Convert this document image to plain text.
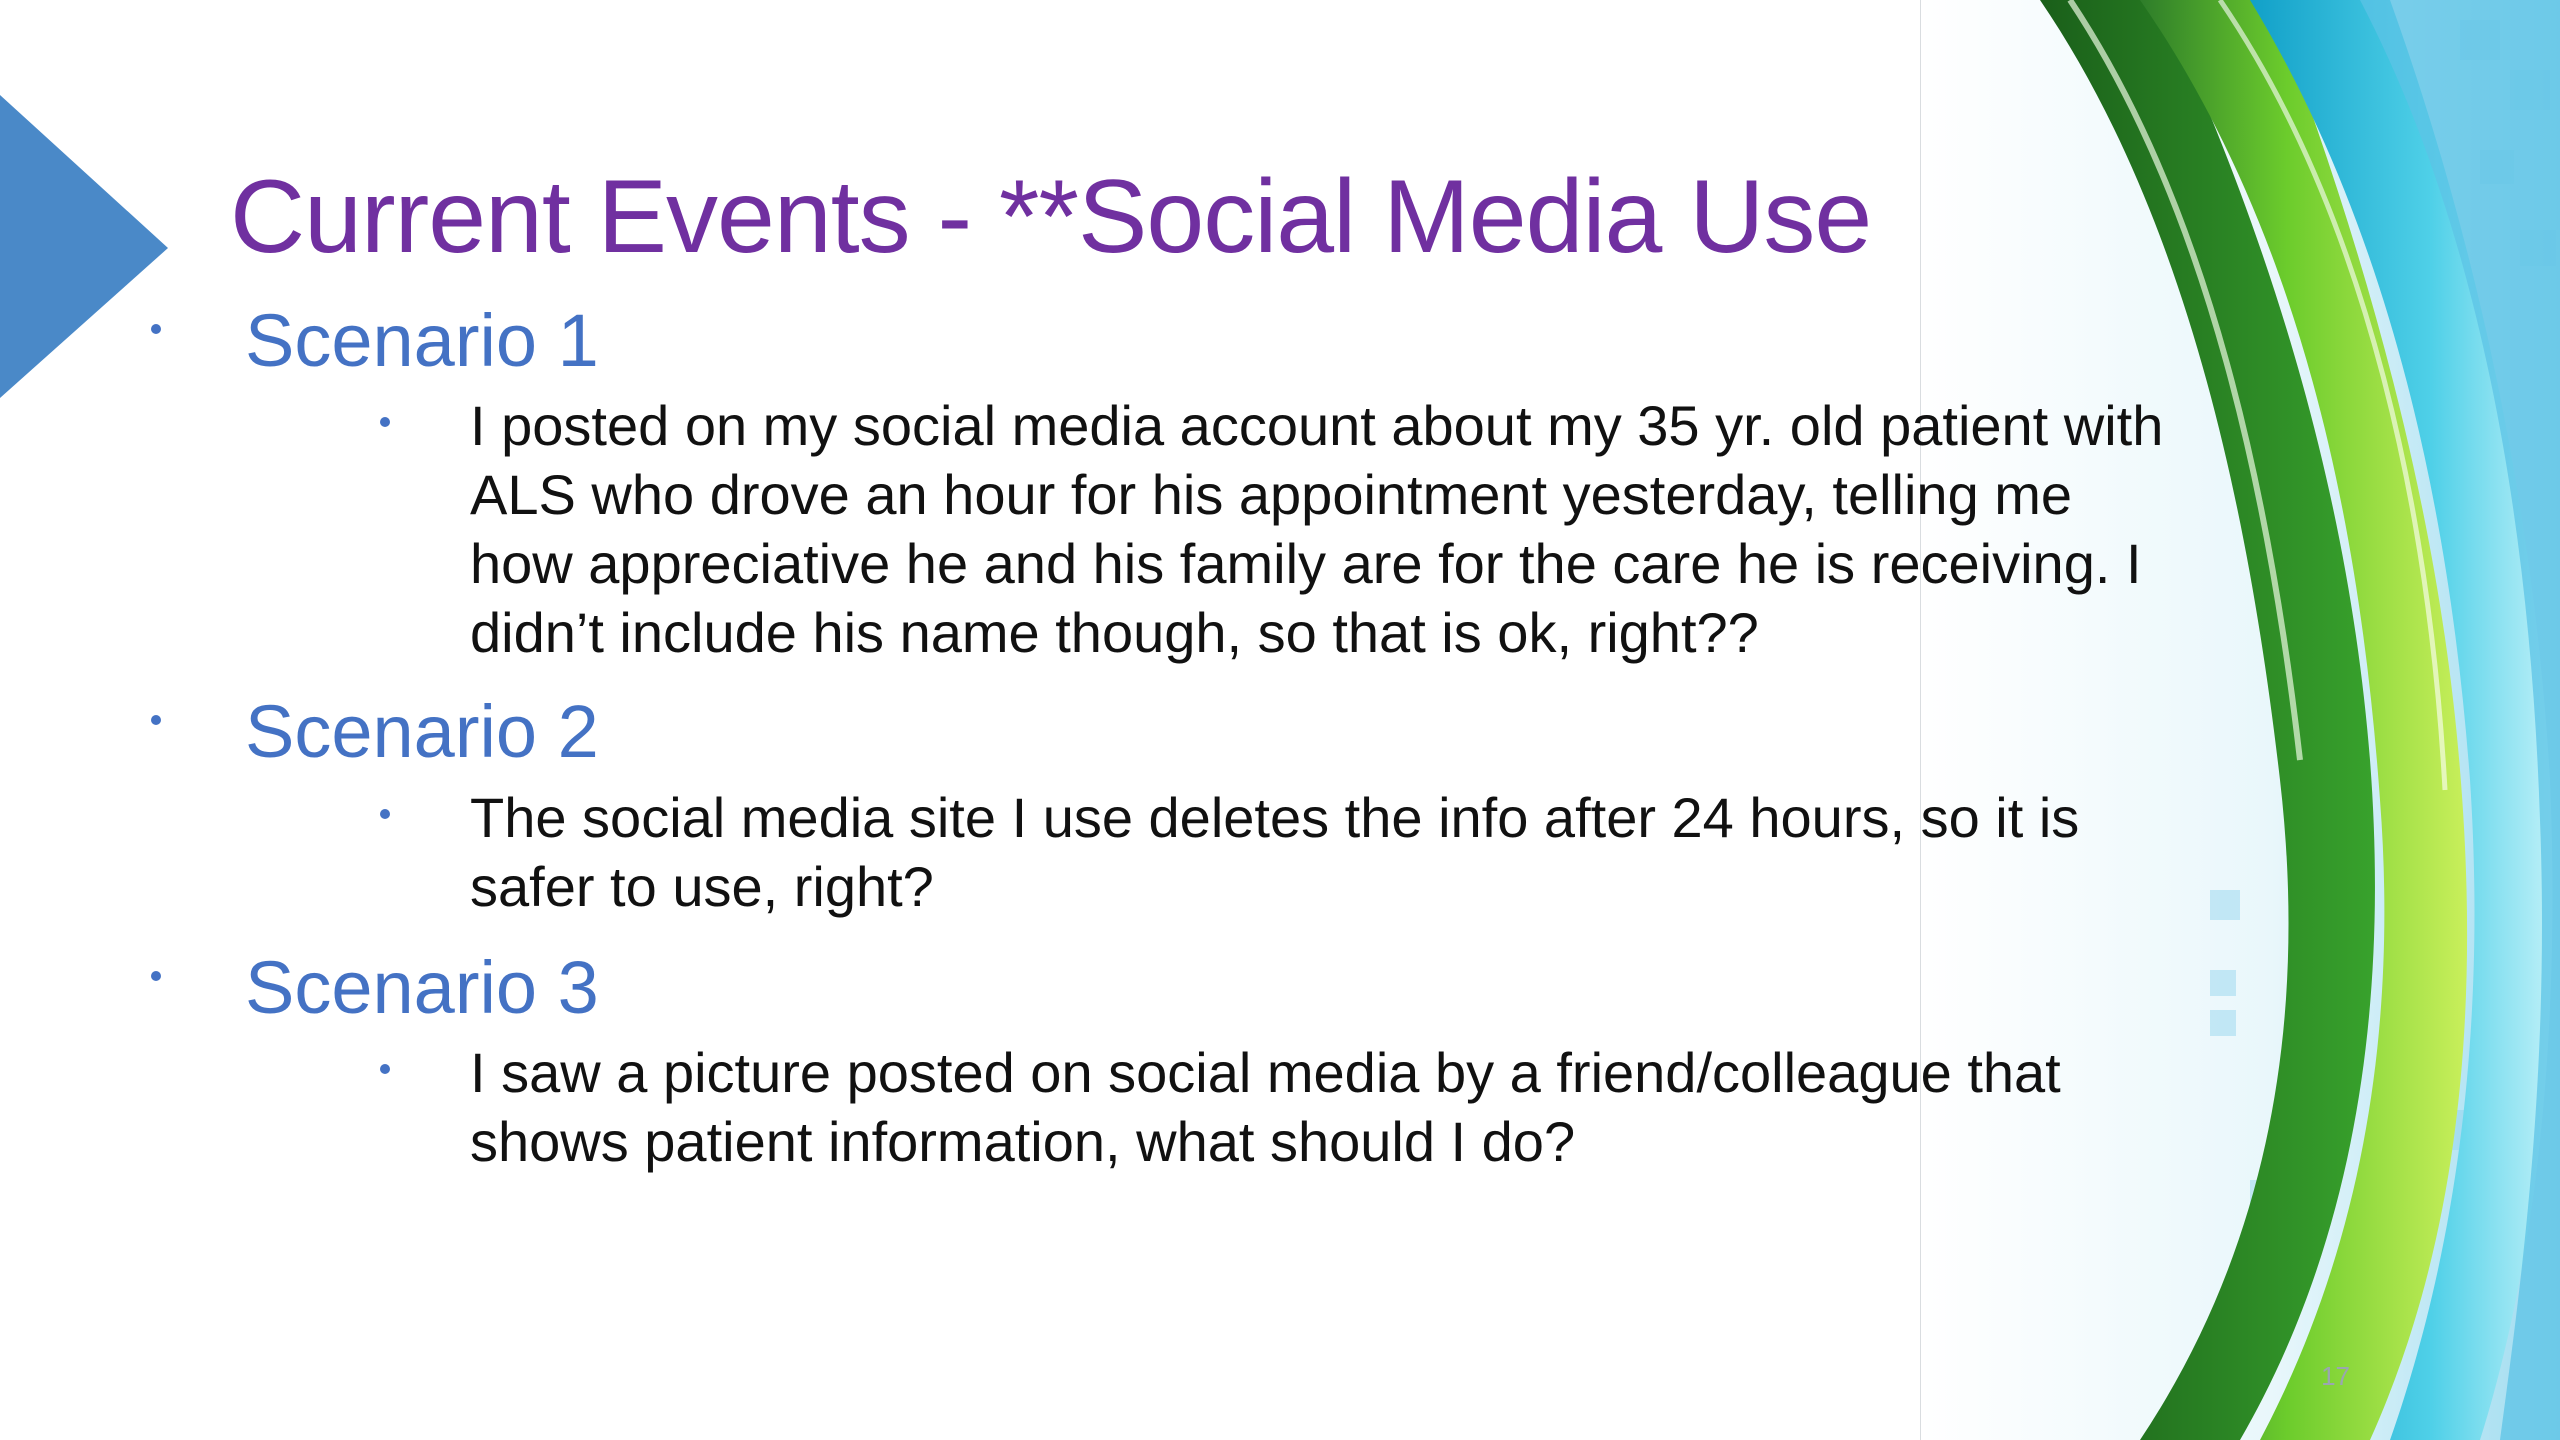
Current Events - **Social Media Use
Scenario 1
I posted on my social media account about my 35 yr. old patient with ALS who drove an hour for his appointment yesterday, telling me how appreciative he and his family are for the care he is receiving. I didn’t include his name though, so that is ok, right??
Scenario 2
The social media site I use deletes the info after 24 hours, so it is safer to use, right?
Scenario 3
I saw a picture posted on social media by a friend/colleague that shows patient information, what should I do?
17
